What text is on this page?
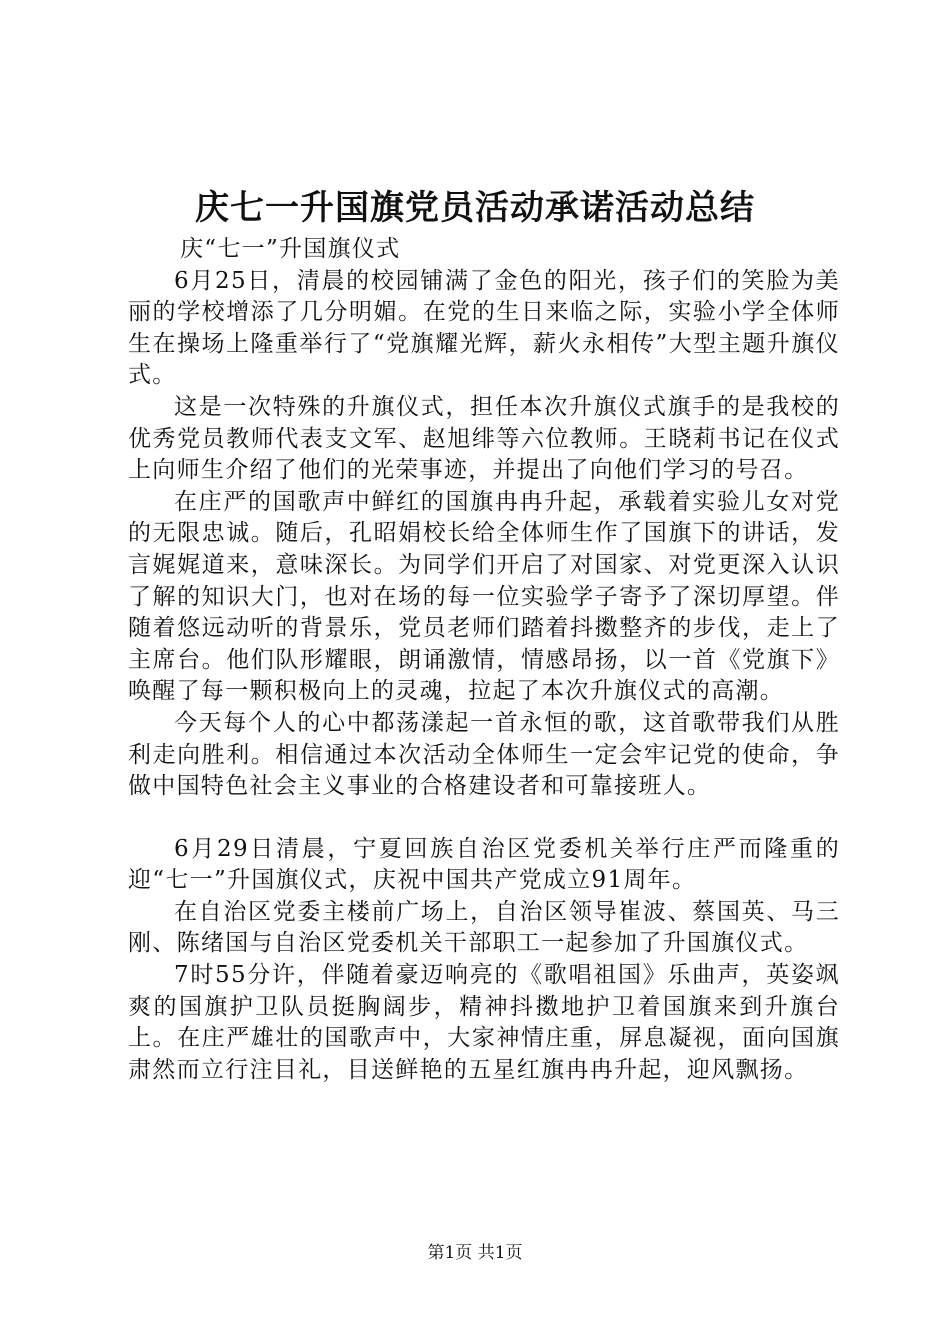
庆七一升国旗党员活动承诺活动总结

庆“七一”升国旗仪式

6月25日，清晨的校园铺满了金色的阳光，孩子们的笑脸为美丽的学校增添了几分明媚。在党的生日来临之际，实验小学全体师生在操场上隆重举行了“党旗耀光辉，薪火永相传”大型主题升旗仪式。

这是一次特殊的升旗仪式，担任本次升旗仪式旗手的是我校的优秀党员教师代表支文军、赵旭绯等六位教师。王晓莉书记在仪式上向师生介绍了他们的光荣事迹，并提出了向他们学习的号召。

在庄严的国歌声中鲜红的国旗冉冉升起，承载着实验儿女对党的无限忠诚。随后，孔昭娟校长给全体师生作了国旗下的讲话，发言娓娓道来，意味深长。为同学们开启了对国家、对党更深入认识了解的知识大门，也对在场的每一位实验学子寄予了深切厚望。伴随着悠远动听的背景乐，党员老师们踏着抖擞整齐的步伐，走上了主席台。他们队形耀眼，朗诵激情，情感昂扬，以一首《党旗下》唤醒了每一颗积极向上的灵魂，拉起了本次升旗仪式的高潮。

今天每个人的心中都荡漾起一首永恒的歌，这首歌带我们从胜利走向胜利。相信通过本次活动全体师生一定会牢记党的使命，争做中国特色社会主义事业的合格建设者和可靠接班人。

6月29日清晨，宁夏回族自治区党委机关举行庄严而隆重的迎“七一”升国旗仪式，庆祝中国共产党成立91周年。

在自治区党委主楼前广场上，自治区领导崔波、蔡国英、马三刚、陈绪国与自治区党委机关干部职工一起参加了升国旗仪式。

7时55分许，伴随着豪迈响亮的《歌唱祖国》乐曲声，英姿飒爽的国旗护卫队员挺胸阔步，精神抖擞地护卫着国旗来到升旗台上。在庄严雄壮的国歌声中，大家神情庄重，屏息凝视，面向国旗肃然而立行注目礼，目送鲜艳的五星红旗冉冉升起，迎风飘扬。

第1页 共1页
